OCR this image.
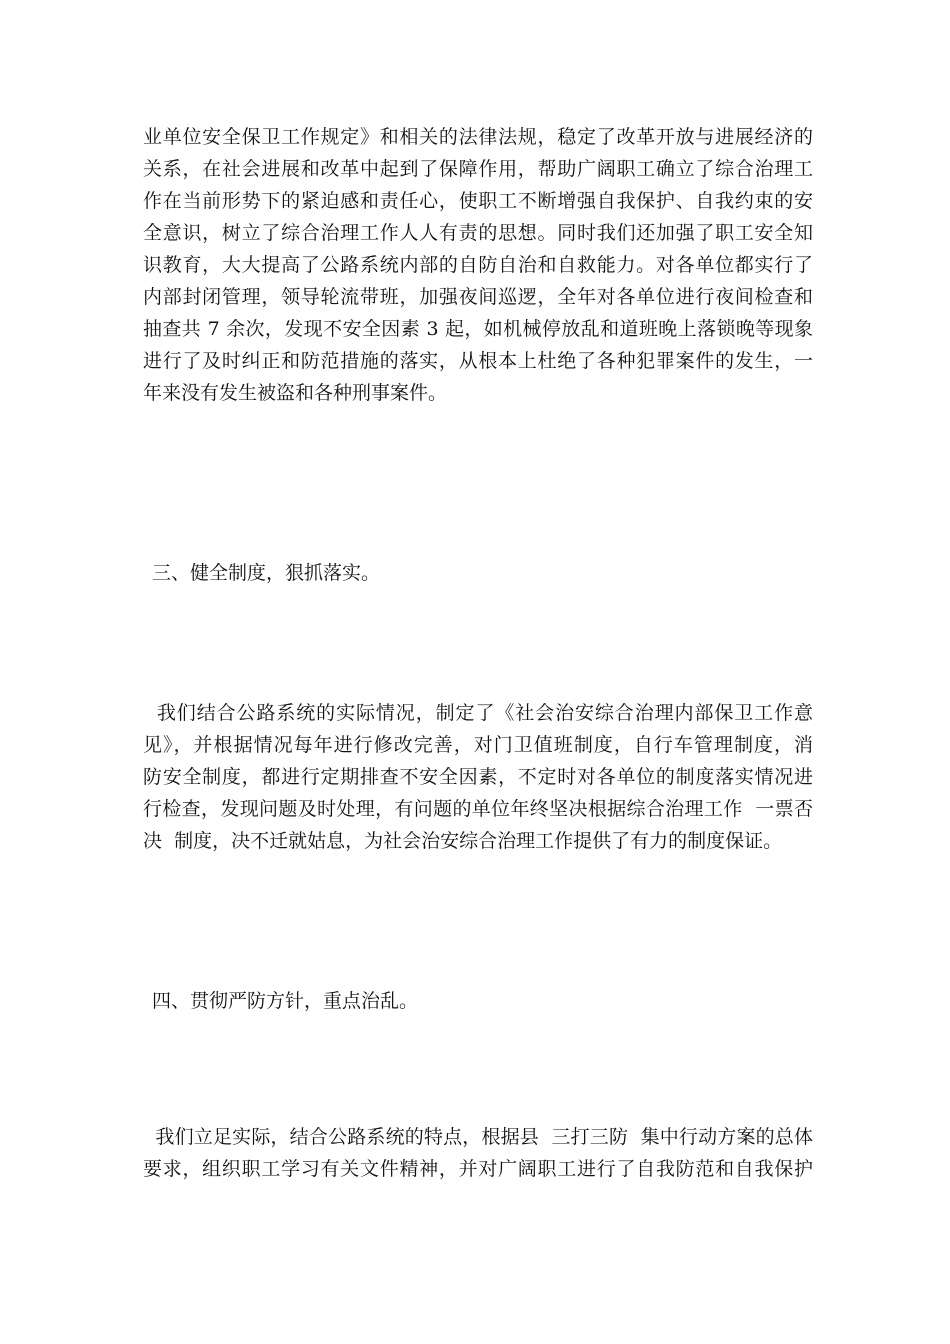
业单位安全保卫工作规定》和相关的法律法规，稳定了改革开放与进展经济的
关系，在社会进展和改革中起到了保障作用，帮助广阔职工确立了综合治理工
作在当前形势下的紧迫感和责任心，使职工不断增强自我保护、自我约束的安
全意识，树立了综合治理工作人人有责的思想。同时我们还加强了职工安全知
识教育，大大提高了公路系统内部的自防自治和自救能力。对各单位都实行了
内部封闭管理，领导轮流带班，加强夜间巡逻，全年对各单位进行夜间检查和
抽查共 7 余次，发现不安全因素 3 起，如机械停放乱和道班晚上落锁晚等现象
进行了及时纠正和防范措施的落实，从根本上杜绝了各种犯罪案件的发生，一
年来没有发生被盗和各种刑事案件。
三、健全制度，狠抓落实。
我们结合公路系统的实际情况，制定了《社会治安综合治理内部保卫工作意
见》，并根据情况每年进行修改完善，对门卫值班制度，自行车管理制度，消
防安全制度，都进行定期排查不安全因素，不定时对各单位的制度落实情况进
行检查，发现问题及时处理，有问题的单位年终坚决根据综合治理工作  一票否
决  制度，决不迁就姑息，为社会治安综合治理工作提供了有力的制度保证。
四、贯彻严防方针，重点治乱。
我们立足实际，结合公路系统的特点，根据县  三打三防  集中行动方案的总体
要求，组织职工学习有关文件精神，并对广阔职工进行了自我防范和自我保护
